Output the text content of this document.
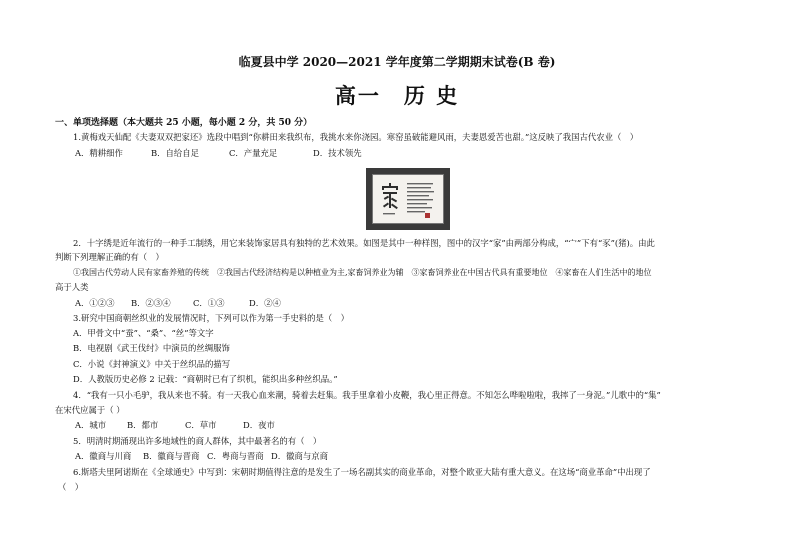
临夏县中学 2020—2021 学年度第二学期期末试卷(B 卷)
高一　历 史
一、单项选择题（本大题共 25 小题，每小题 2 分，共 50 分）
1.黄梅戏天仙配《夫妻双双把家还》选段中唱到“你耕田来我织布，我挑水来你浇园。寒窑虽破能避风雨，夫妻恩爱苦也甜。”这反映了我国古代农业（　）
A．精耕细作	B．自给自足	C．产量充足	D．技术领先
2．十字绣是近年流行的一种手工制绣，用它来装饰家居具有独特的艺术效果。如图是其中一种样图，图中的汉字“家”由两部分构成，“宀”下有“豕”(猪)。由此
判断下列理解正确的有（　）
①我国古代劳动人民有家畜养殖的传统　②我国古代经济结构是以种植业为主,家畜饲养业为辅　③家畜饲养业在中国古代具有重要地位　④家畜在人们生活中的地位
高于人类
A．①②③	B．②③④	C．①③	D．②④
3.研究中国商朝丝织业的发展情况时，下列可以作为第一手史料的是（　）
A．甲骨文中“蚕”、“桑”、“丝”等文字
B．电视剧《武王伐纣》中演员的丝绸服饰
C．小说《封神演义》中关于丝织品的描写
D．人教版历史必修 2 记载：“商朝时已有了织机，能织出多种丝织品。”
4．“我有一只小毛驴，我从来也不骑。有一天我心血来潮，骑着去赶集。我手里拿着小皮鞭，我心里正得意。不知怎么哗啦啦啦，我摔了一身泥。”儿歌中的“集”
在宋代应属于（ ）
A．城市	B．都市	C．草市	D．夜市
5．明清时期涌现出许多地域性的商人群体，其中最著名的有（　）
A．徽商与川商	B．徽商与晋商 C．粤商与晋商 D．徽商与京商
6.斯塔夫里阿诺斯在《全球通史》中写到：宋朝时期值得注意的是发生了一场名副其实的商业革命，对整个欧亚大陆有重大意义。在这场“商业革命”中出现了
（　）
